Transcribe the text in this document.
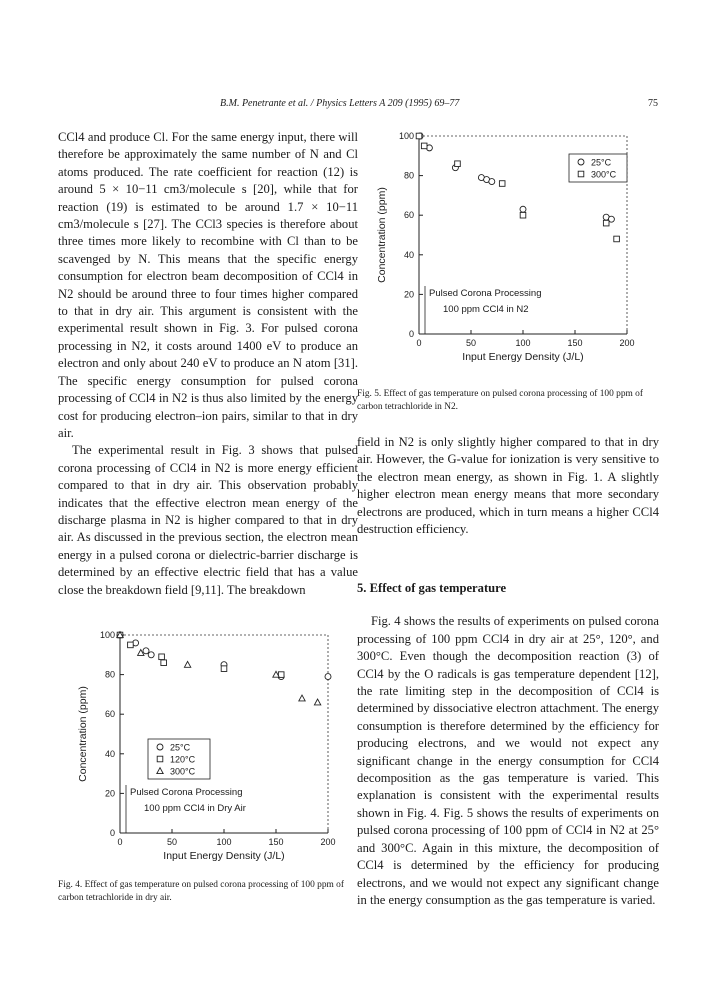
B.M. Penetrante et al. / Physics Letters A 209 (1995) 69–77	75

CCl4 and produce Cl. For the same energy input, there will therefore be approximately the same number of N and Cl atoms produced. The rate coefficient for reaction (12) is around 5 × 10−11 cm3/molecule s [20], while that for reaction (19) is estimated to be around 1.7 × 10−11 cm3/molecule s [27]. The CCl3 species is therefore about three times more likely to recombine with Cl than to be scavenged by N. This means that the specific energy consumption for electron beam decomposition of CCl4 in N2 should be around three to four times higher compared to that in dry air. This argument is consistent with the experimental result shown in Fig. 3. For pulsed corona processing in N2, it costs around 1400 eV to produce an electron and only about 240 eV to produce an N atom [31]. The specific energy consumption for pulsed corona processing of CCl4 in N2 is thus also limited by the energy cost for producing electron–ion pairs, similar to that in dry air.

The experimental result in Fig. 3 shows that pulsed corona processing of CCl4 in N2 is more energy efficient compared to that in dry air. This observation probably indicates that the effective electron mean energy of the discharge plasma in N2 is higher compared to that in dry air. As discussed in the previous section, the electron mean energy in a pulsed corona or dielectric-barrier discharge is determined by an effective electric field that has a value close the breakdown field [9,11]. The breakdown

0	50	100	150	200
0
20
40
60
80
100
Input Energy Density (J/L)
Concentration (ppm)
25°C
300°C
Pulsed Corona Processing
100 ppm CCl4 in N2
Fig. 5. Effect of gas temperature on pulsed corona processing of 100 ppm of carbon tetrachloride in N2.

field in N2 is only slightly higher compared to that in dry air. However, the G-value for ionization is very sensitive to the electron mean energy, as shown in Fig. 1. A slightly higher electron mean energy means that more secondary electrons are produced, which in turn means a higher CCl4 destruction efficiency.

5. Effect of gas temperature

Fig. 4 shows the results of experiments on pulsed corona processing of 100 ppm CCl4 in dry air at 25°, 120°, and 300°C. Even though the decomposition reaction (3) of CCl4 by the O radicals is gas temperature dependent [12], the rate limiting step in the decomposition of CCl4 is determined by dissociative electron attachment. The energy consumption is therefore determined by the efficiency for producing electrons, and we would not expect any significant change in the energy consumption for CCl4 decomposition as the gas temperature is varied. This explanation is consistent with the experimental results shown in Fig. 4. Fig. 5 shows the results of experiments on pulsed corona processing of 100 ppm of CCl4 in N2 at 25° and 300°C. Again in this mixture, the decomposition of CCl4 is determined by the efficiency for producing electrons, and we would not expect any significant change in the energy consumption as the gas temperature is varied.

0	50	100	150	200
0
20
40
60
80
100
Input Energy Density (J/L)
Concentration (ppm)	25°C
120°C
300°C
Pulsed Corona Processing
100 ppm CCl4 in Dry Air
Fig. 4. Effect of gas temperature on pulsed corona processing of 100 ppm of carbon tetrachloride in dry air.
